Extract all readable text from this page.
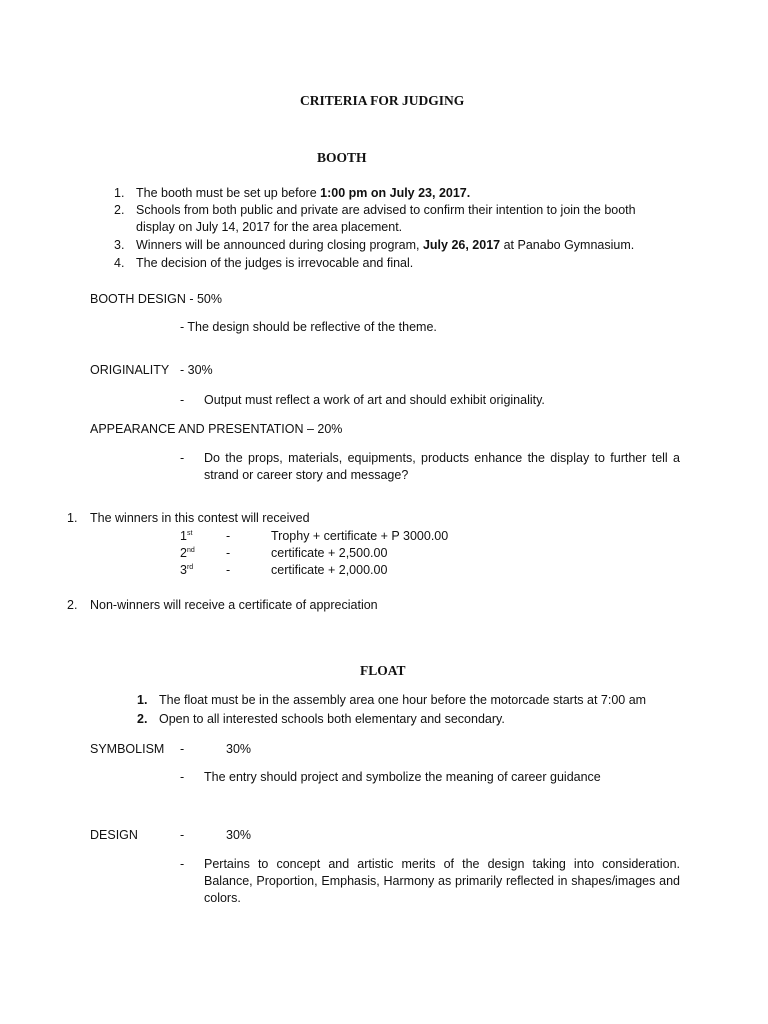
CRITERIA FOR JUDGING
BOOTH
1. The booth must be set up before 1:00 pm on July 23, 2017.
2. Schools from both public and private are advised to confirm their intention to join the booth display on July 14, 2017 for the area placement.
3. Winners will be announced during closing program, July 26, 2017 at Panabo Gymnasium.
4. The decision of the judges is irrevocable and final.
BOOTH DESIGN - 50%
- The design should be reflective of the theme.
ORIGINALITY - 30%
- Output must reflect a work of art and should exhibit originality.
APPEARANCE AND PRESENTATION – 20%
- Do the props, materials, equipments, products enhance the display to further tell a strand or career story and message?
1. The winners in this contest will received
1st	-	Trophy + certificate + P 3000.00
2nd	-	certificate + 2,500.00
3rd	-	certificate + 2,000.00
2. Non-winners will receive a certificate of appreciation
FLOAT
1. The float must be in the assembly area one hour before the motorcade starts at 7:00 am
2. Open to all interested schools both elementary and secondary.
SYMBOLISM -	30%
- The entry should project and symbolize the meaning of career guidance
DESIGN	-	30%
- Pertains to concept and artistic merits of the design taking into consideration. Balance, Proportion, Emphasis, Harmony as primarily reflected in shapes/images and colors.
